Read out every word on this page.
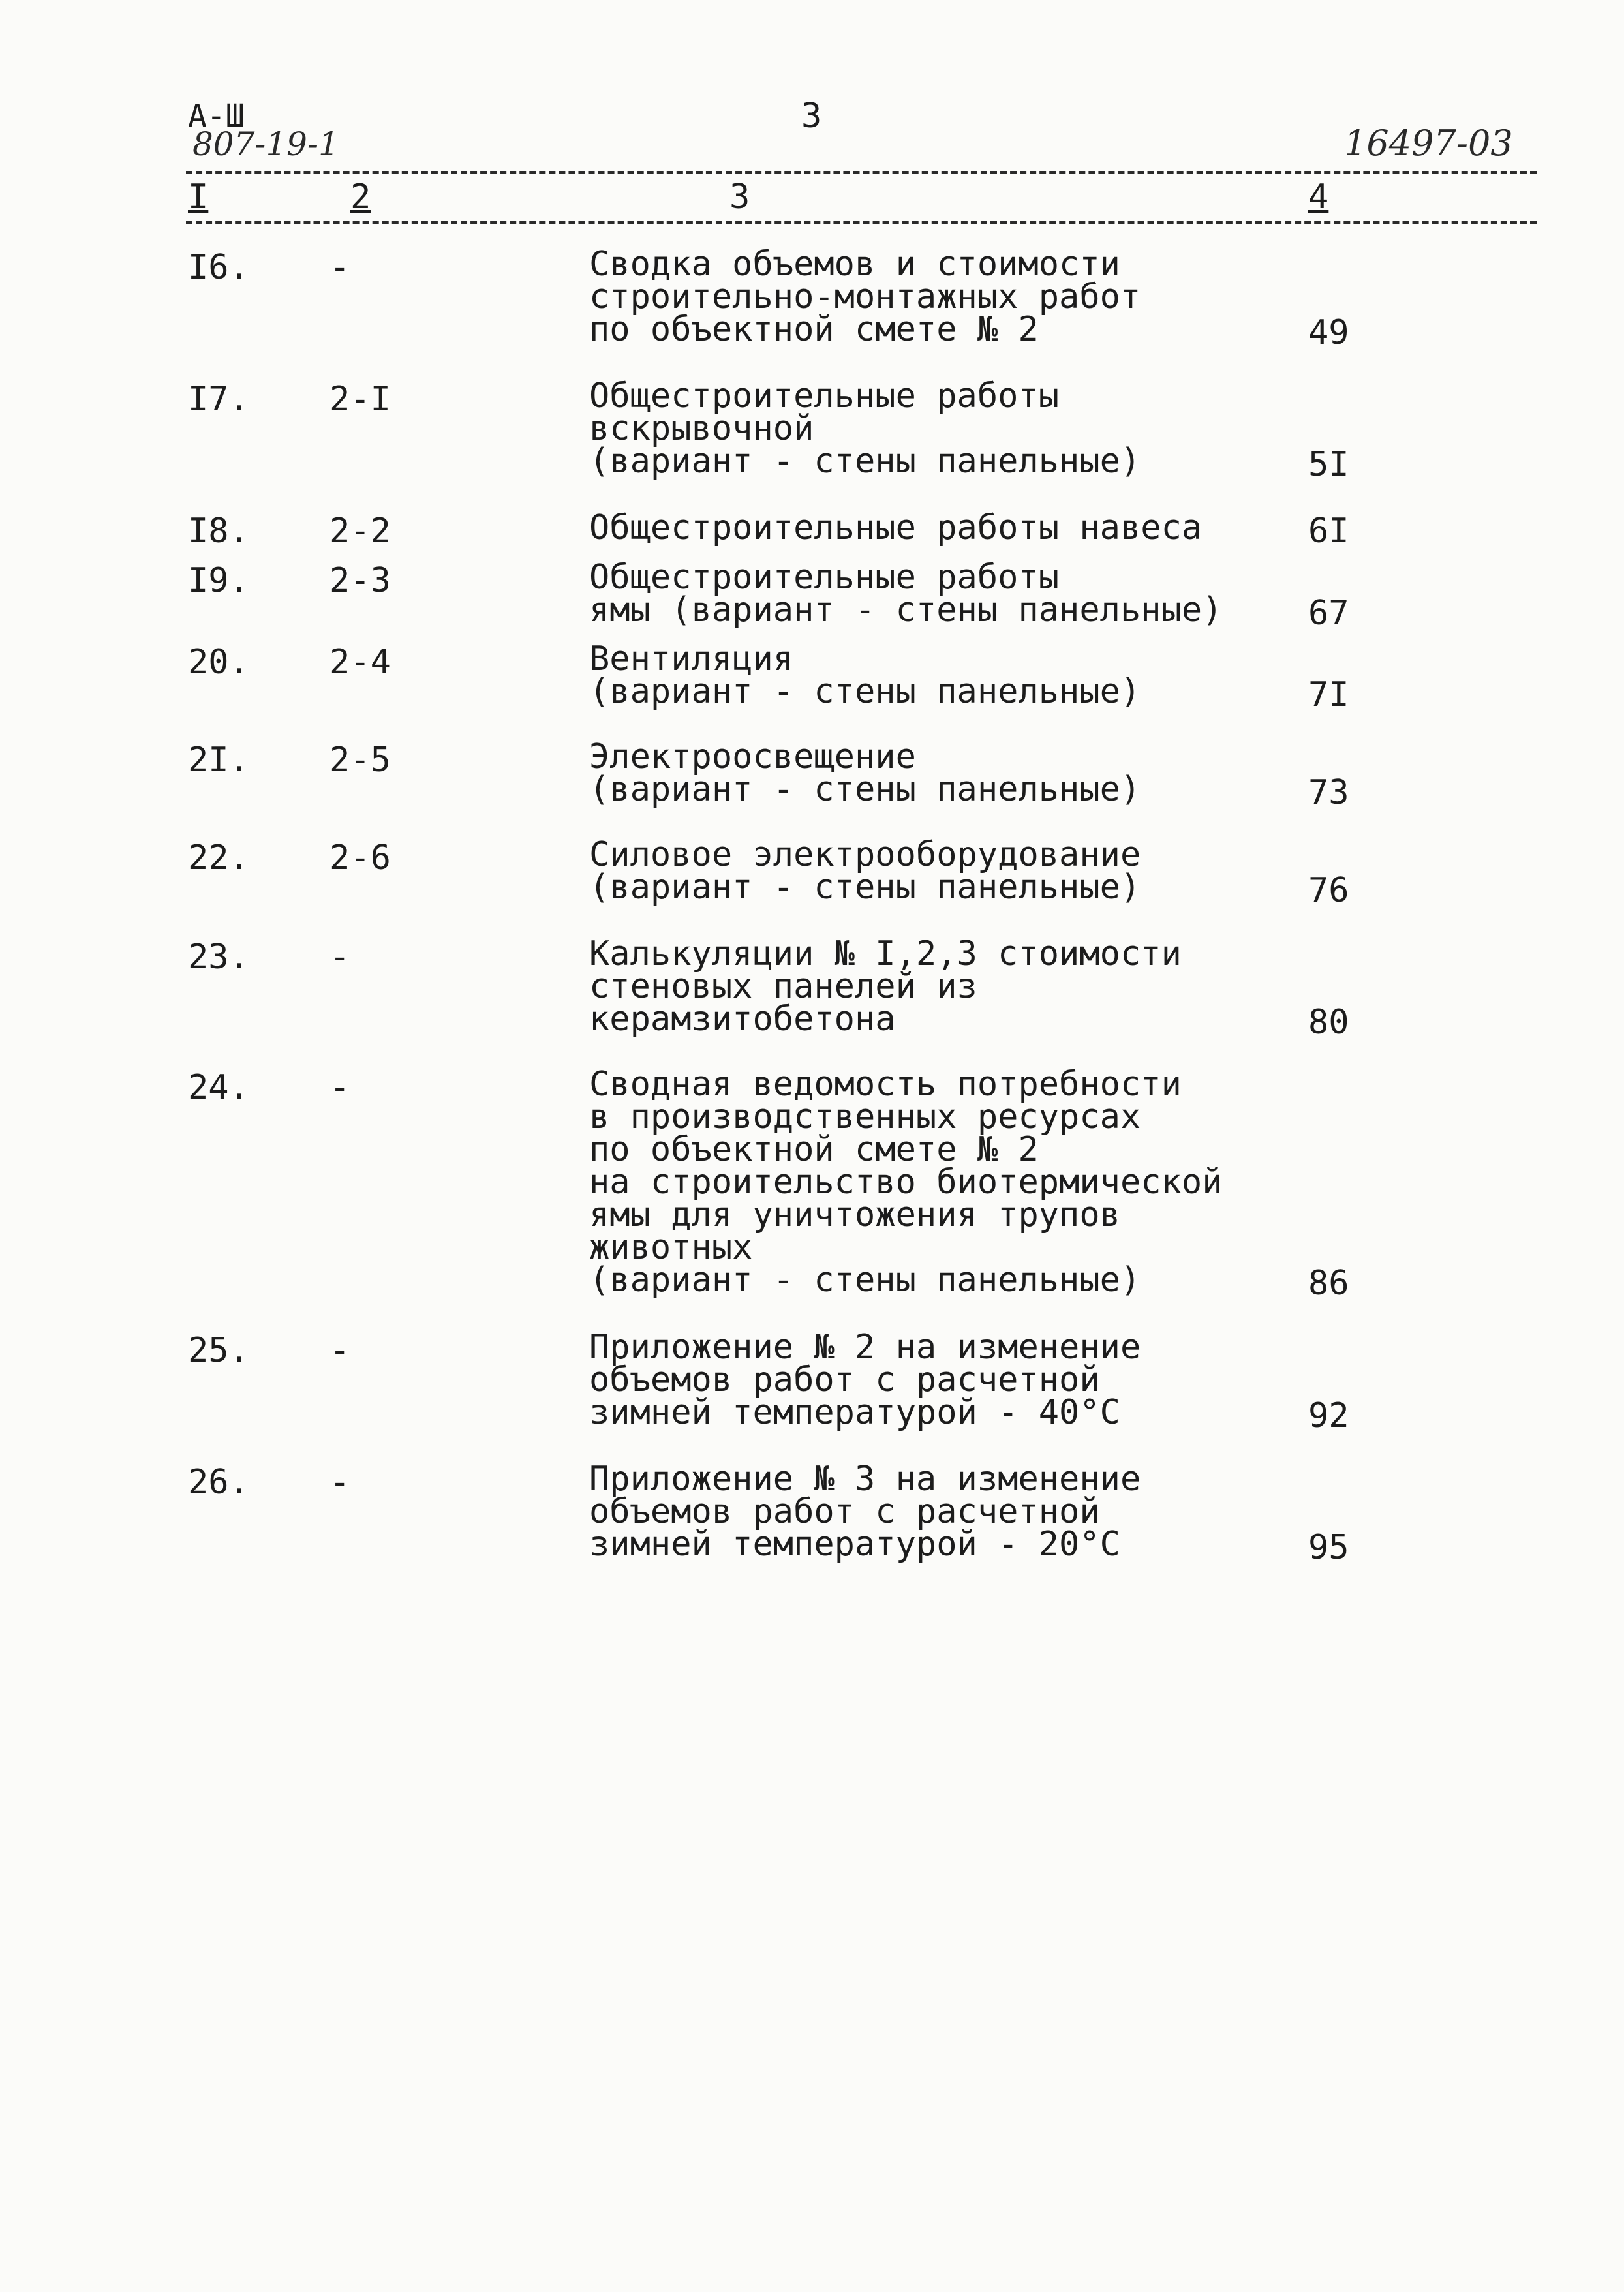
А-Ш
807-19-1
3
16497-03
I	2	3	4
I6. -	Сводка объемов и стоимости
строительно-монтажных работ
по объектной смете № 2	49
I7. 2-I	Общестроительные работы
вскрывочной
(вариант - стены панельные)	5I
I8. 2-2	Общестроительные работы навеса	6I
I9. 2-3	Общестроительные работы
ямы (вариант - стены панельные)	67
20. 2-4	Вентиляция
(вариант - стены панельные)	7I
2I. 2-5	Электроосвещение
(вариант - стены панельные)	73
22. 2-6	Силовое электрооборудование
(вариант - стены панельные)	76
23. -	Калькуляции № I,2,3 стоимости
стеновых панелей из
керамзитобетона	80
24. -	Сводная ведомость потребности
в производственных ресурсах
по объектной смете № 2
на строительство биотермической
ямы для уничтожения трупов
животных
(вариант - стены панельные)	86
25. -	Приложение № 2 на изменение
объемов работ с расчетной
зимней температурой - 40°С	92
26. -	Приложение № 3 на изменение
объемов работ с расчетной
зимней температурой - 20°С	95
